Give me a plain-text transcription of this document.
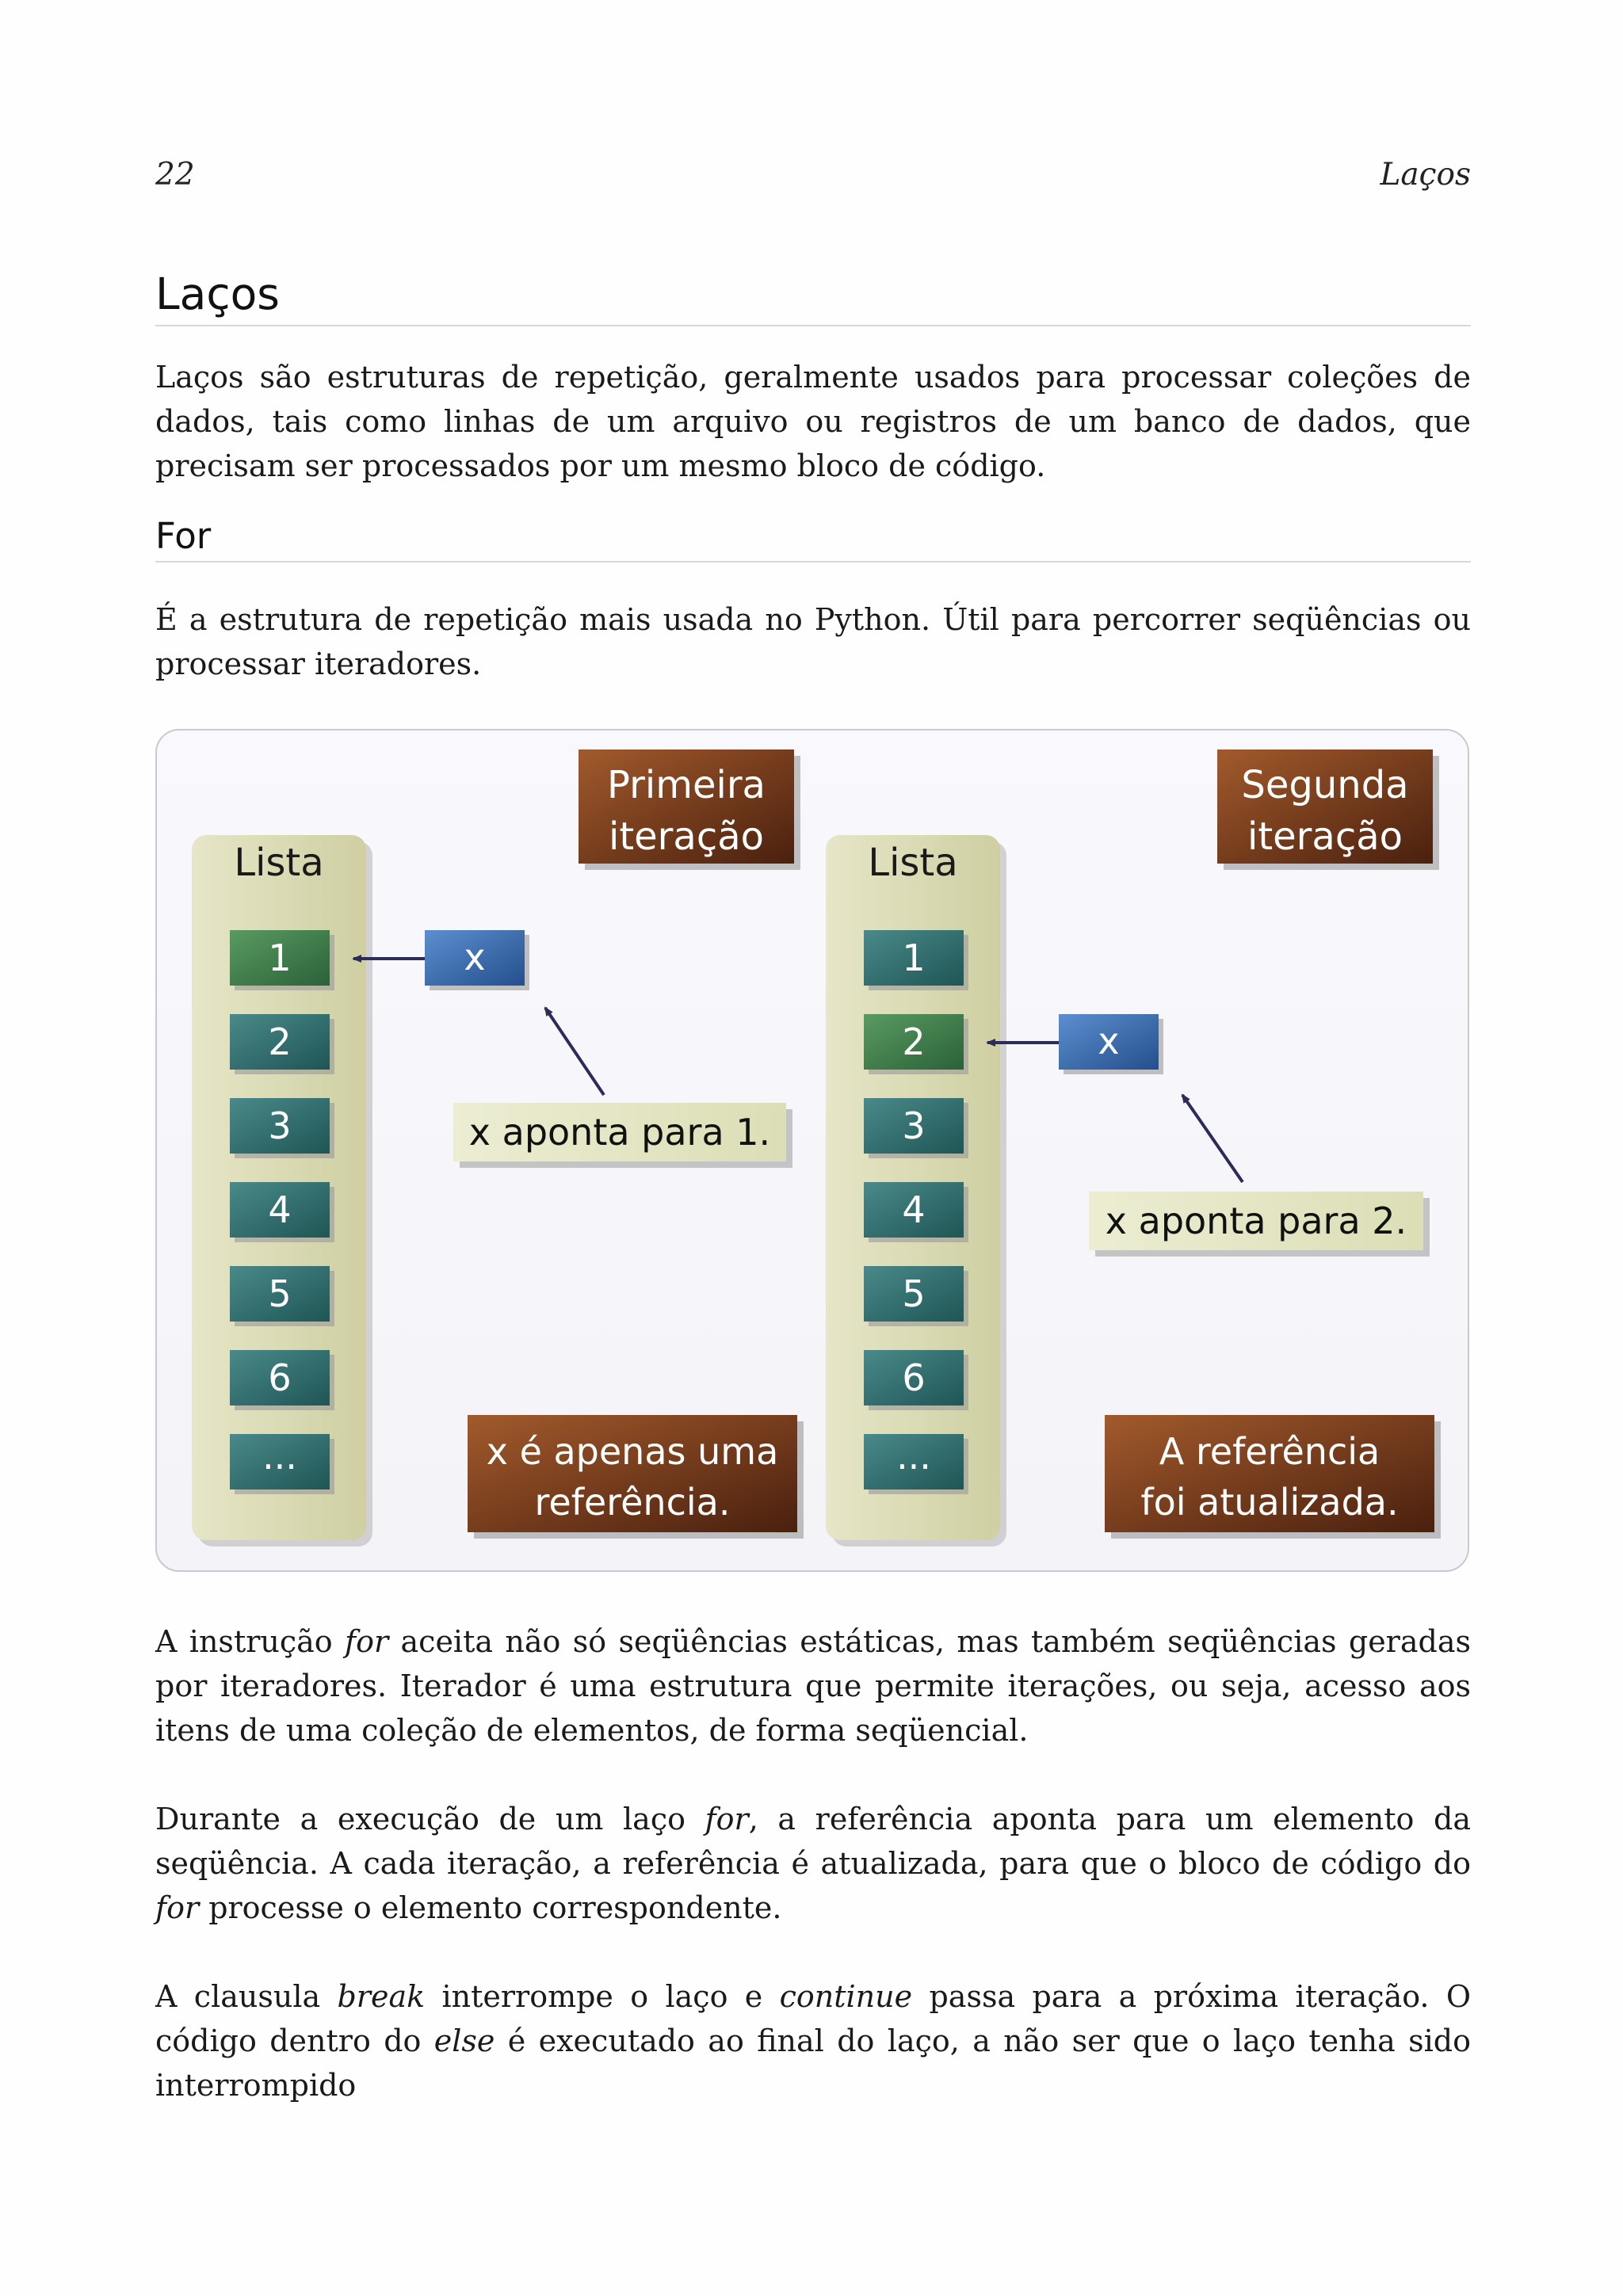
22	Laços
Laços

Laços são estruturas de repetição, geralmente usados para processar coleções de dados, tais como linhas de um arquivo ou registros de um banco de dados, que precisam ser processados por um mesmo bloco de código.

For

É a estrutura de repetição mais usada no Python. Útil para percorrer seqüências ou processar iteradores.

Lista
1
2
3
4
5
6
...
Primeira
iteração
x
x aponta para 1.
x é apenas uma
referência.
Lista
1
2
3
4
5
6
...
Segunda
iteração
x
x aponta para 2.
A referência
foi atualizada.

A instrução for aceita não só seqüências estáticas, mas também seqüências geradas por iteradores. Iterador é uma estrutura que permite iterações, ou seja, acesso aos itens de uma coleção de elementos, de forma seqüencial.

Durante a execução de um laço for, a referência aponta para um elemento da seqüência. A cada iteração, a referência é atualizada, para que o bloco de código do for processe o elemento correspondente.

A clausula break interrompe o laço e continue passa para a próxima iteração. O código dentro do else é executado ao final do laço, a não ser que o laço tenha sido interrompido
